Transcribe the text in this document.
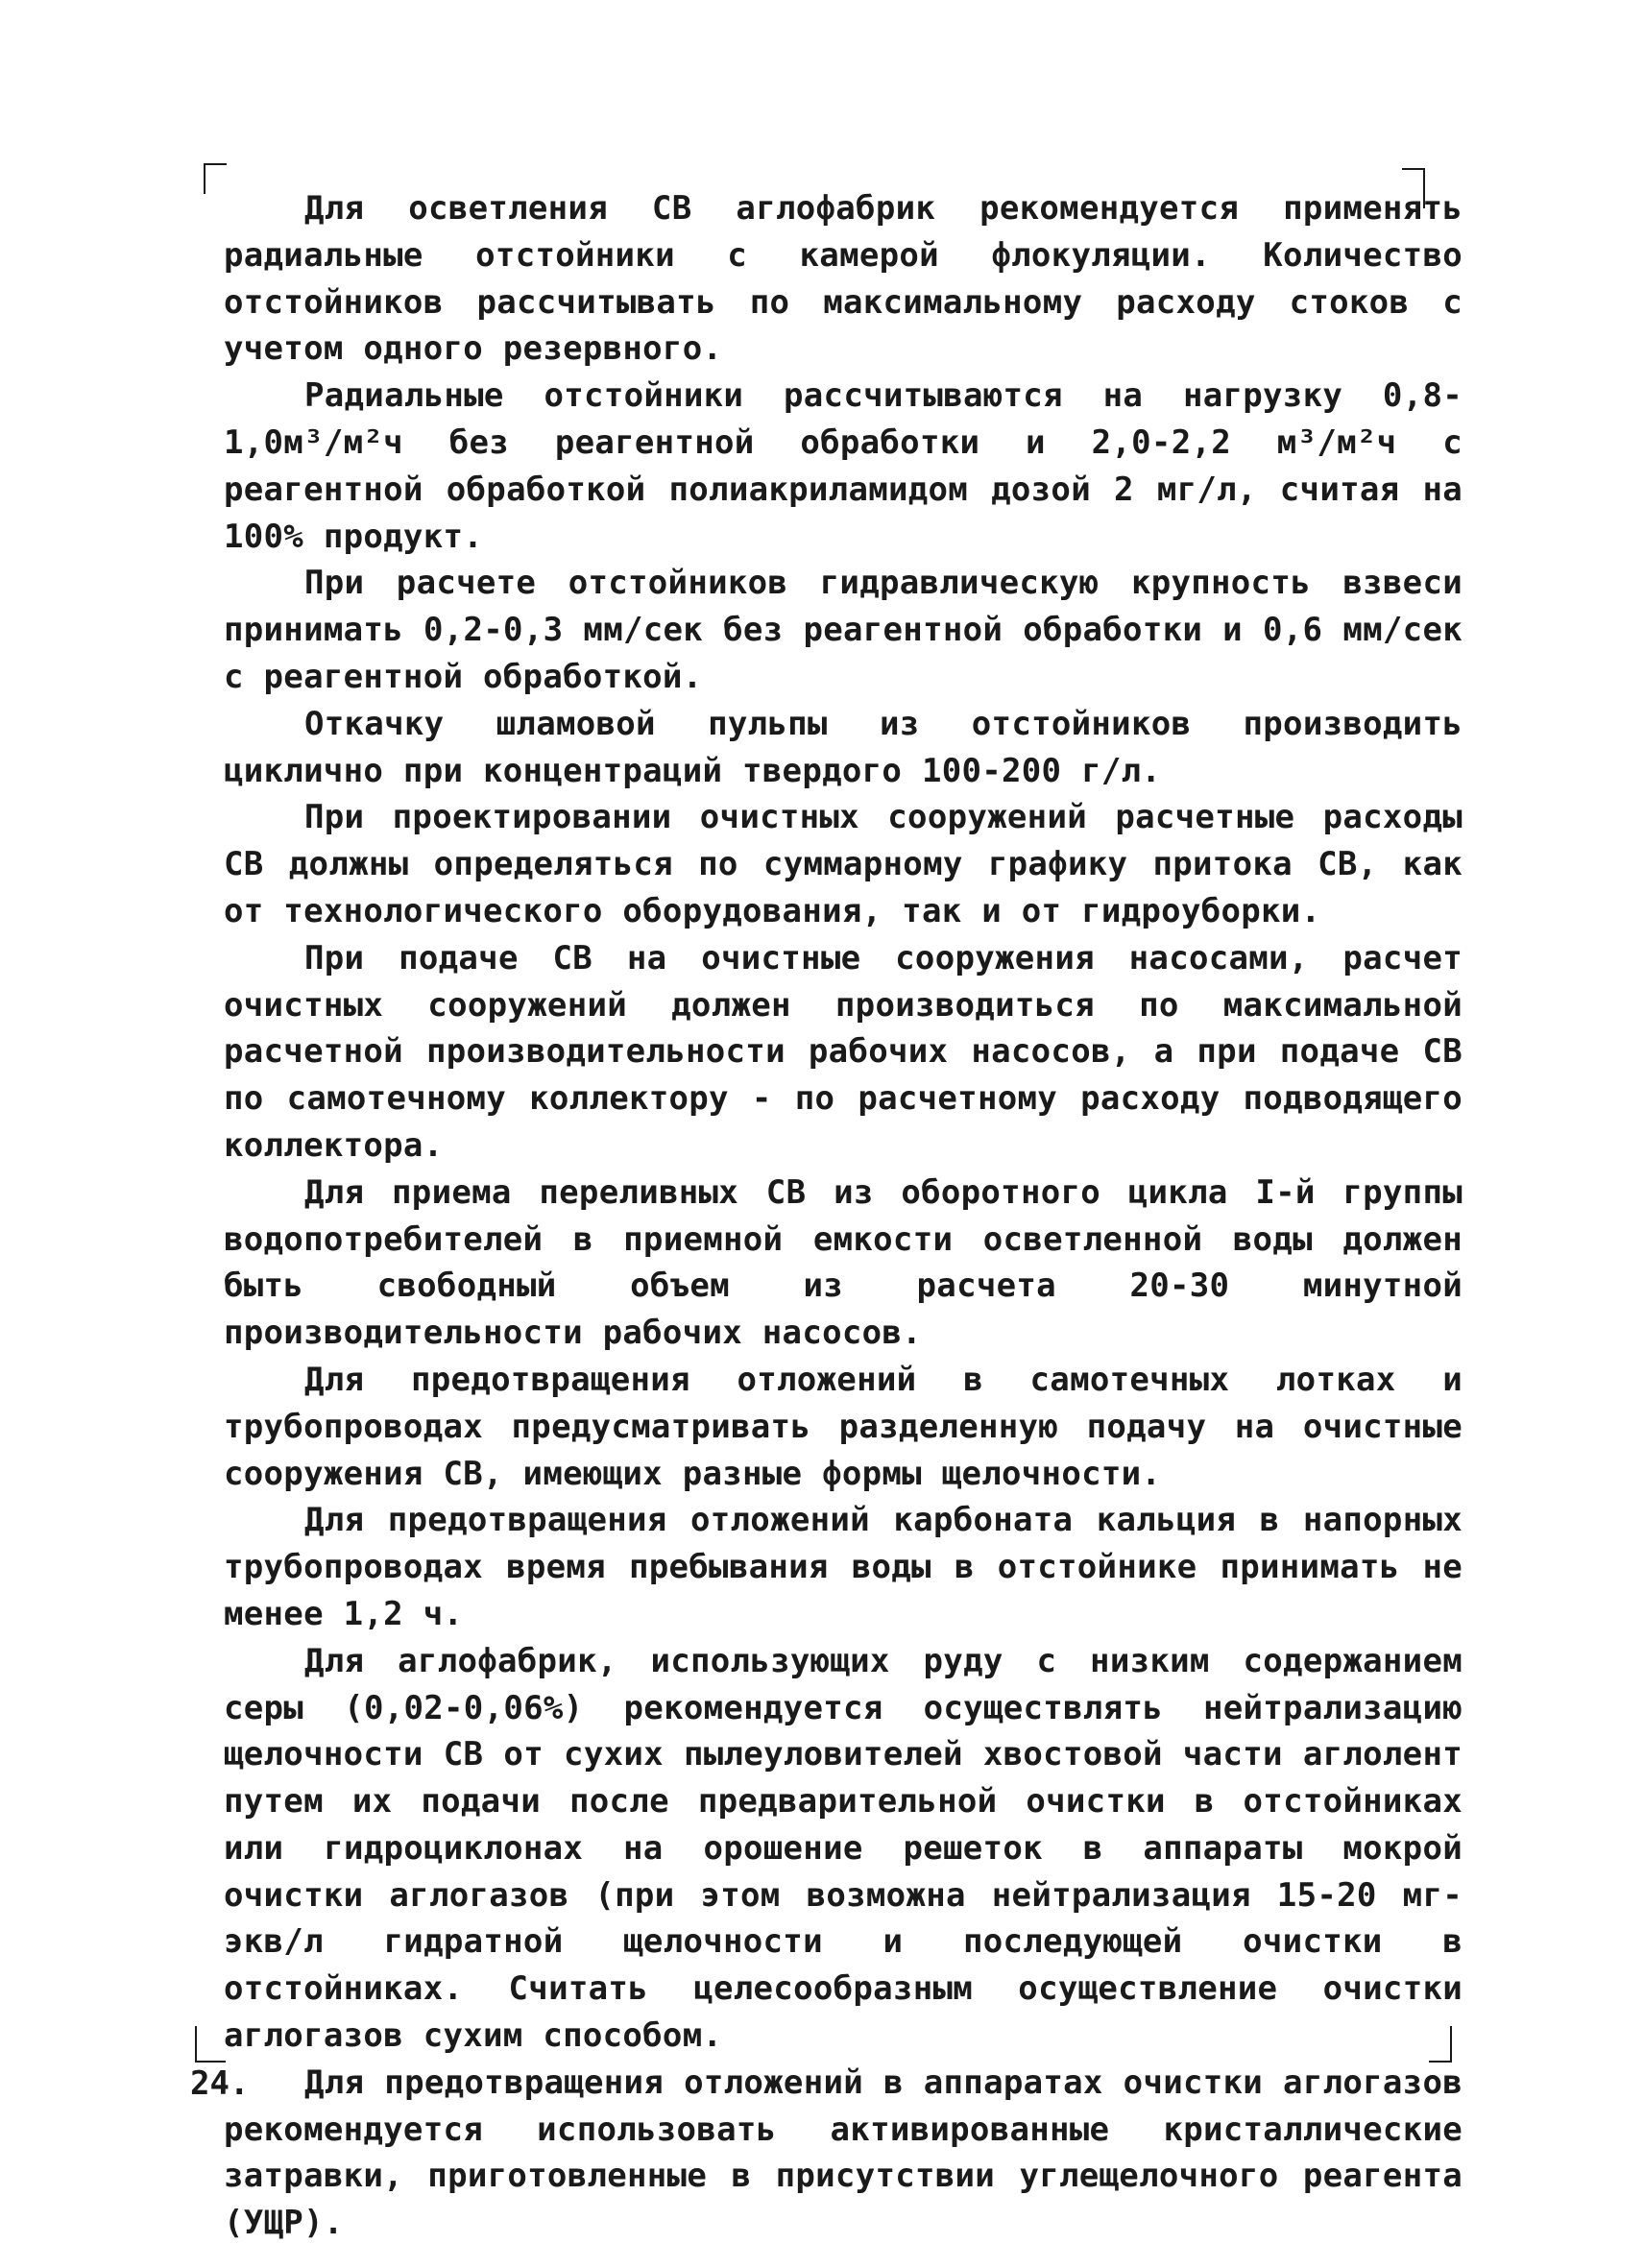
Для осветления СВ аглофабрик рекомендуется применять радиальные отстойники с камерой флокуляции. Количество отстойников рассчитывать по максимальному расходу стоков с учетом одного резервного.

Радиальные отстойники рассчитываются на нагрузку 0,8-1,0м³/м²ч без реагентной обработки и 2,0-2,2 м³/м²ч с реагентной обработкой полиакриламидом дозой 2 мг/л, считая на 100% продукт.

При расчете отстойников гидравлическую крупность взвеси принимать 0,2-0,3 мм/сек без реагентной обработки и 0,6 мм/сек с реагентной обработкой.

Откачку шламовой пульпы из отстойников производить циклично при концентраций твердого 100-200 г/л.

При проектировании очистных сооружений расчетные расходы СВ должны определяться по суммарному графику притока СВ, как от технологического оборудования, так и от гидроуборки.

При подаче СВ на очистные сооружения насосами, расчет очистных сооружений должен производиться по максимальной расчетной производительности рабочих насосов, а при подаче СВ по самотечному коллектору - по расчетному расходу подводящего коллектора.

Для приема переливных СВ из оборотного цикла I-й группы водопотребителей в приемной емкости осветленной воды должен быть свободный объем из расчета 20-30 минутной производительности рабочих насосов.

Для предотвращения отложений в самотечных лотках и трубопроводах предусматривать разделенную подачу на очистные сооружения СВ, имеющих разные формы щелочности.

Для предотвращения отложений карбоната кальция в напорных трубопроводах время пребывания воды в отстойнике принимать не менее 1,2 ч.

Для аглофабрик, использующих руду с низким содержанием серы (0,02-0,06%) рекомендуется осуществлять нейтрализацию щелочности СВ от сухих пылеуловителей хвостовой части аглолент путем их подачи после предварительной очистки в отстойниках или гидроциклонах на орошение решеток в аппараты мокрой очистки аглогазов (при этом возможна нейтрализация 15-20 мг-экв/л гидратной щелочности и последующей очистки в отстойниках. Считать целесообразным осуществление очистки аглогазов сухим способом.

Для предотвращения отложений в аппаратах очистки аглогазов рекомендуется использовать активированные кристаллические затравки, приготовленные в присутствии углещелочного реагента (УЩР).

24.
